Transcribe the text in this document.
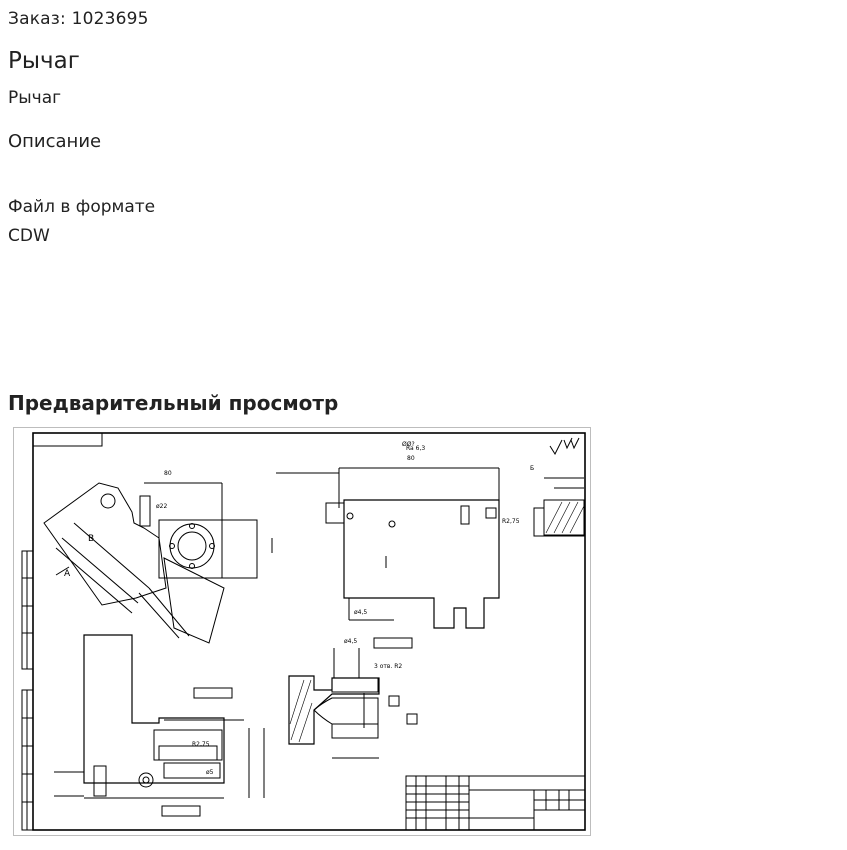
Заказ: 1023695
Рычаг
Рычаг
Описание
Файл в формате CDW
Предварительный просмотр
Ra 6,3
A
B
80
ø22
ØØ?
80
R2,75
ø4,5
Б
R2,75
ø5
ø4,5
3 отв. R2
